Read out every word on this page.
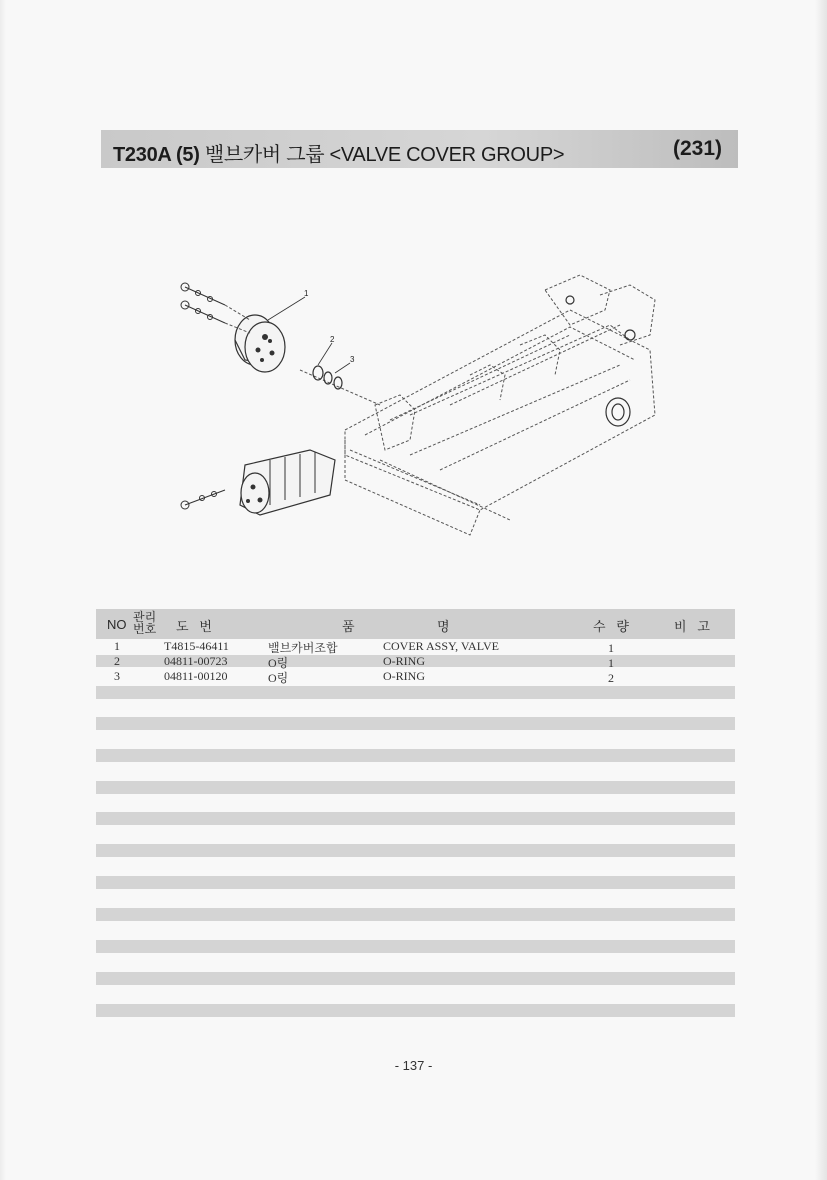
T230A (5) 밸브카버 그룹 <VALVE COVER GROUP>	(231)
1
2
3
NO 관리
번호 도   번	품	명	수   량	비   고
1	T4815-46411	밸브카버조합	COVER ASSY, VALVE	1
2	04811-00723	O링	O-RING	1
3	04811-00120	O링	O-RING	2
- 137 -
